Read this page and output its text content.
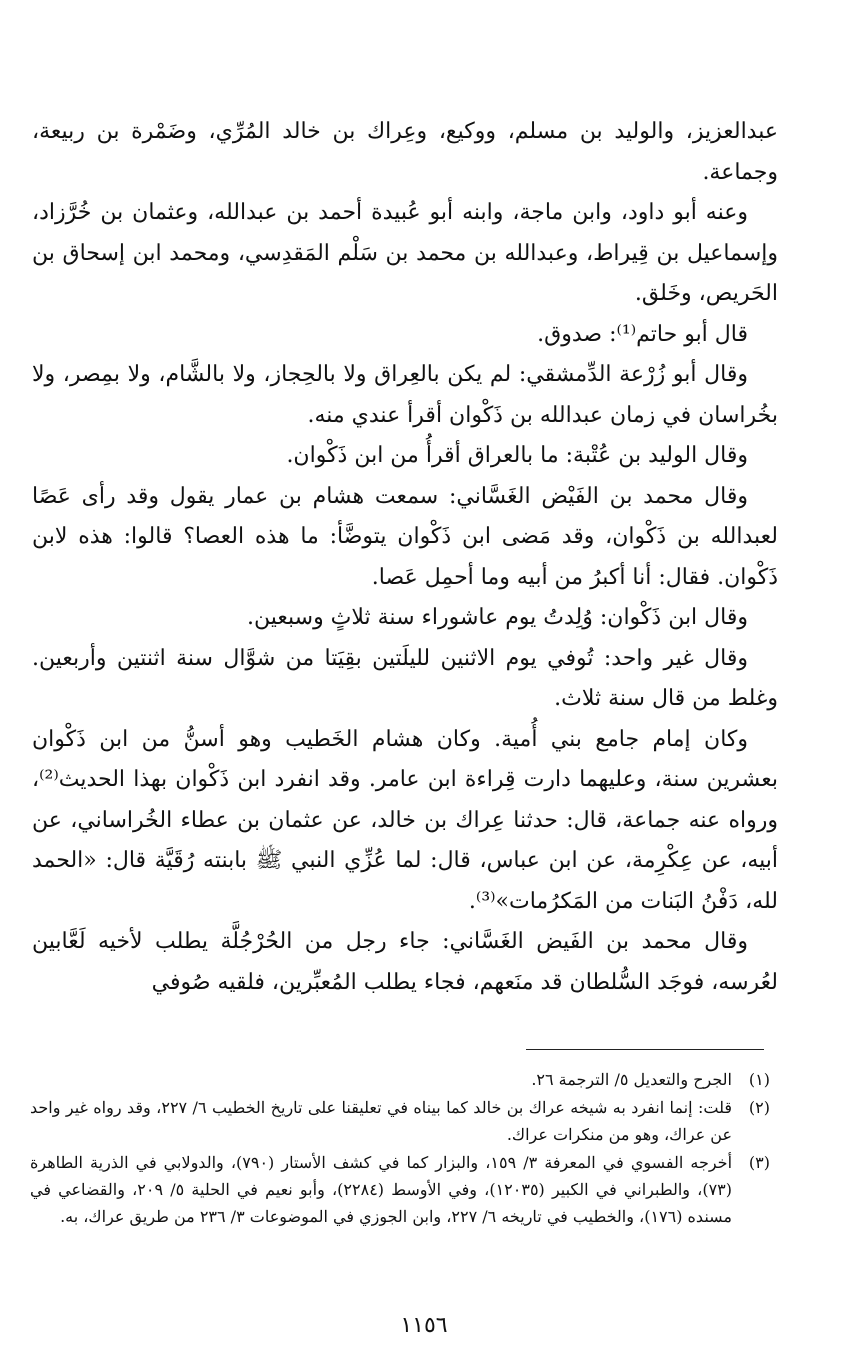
عبدالعزيز، والوليد بن مسلم، ووكيع، وعِراك بن خالد المُرِّي، وضَمْرة بن ربيعة، وجماعة.

وعنه أبو داود، وابن ماجة، وابنه أبو عُبيدة أحمد بن عبدالله، وعثمان بن خُرَّزاد، وإسماعيل بن قِيراط، وعبدالله بن محمد بن سَلْم المَقدِسي، ومحمد ابن إسحاق بن الحَريص، وخَلق.

قال أبو حاتم⁽¹⁾: صدوق.

وقال أبو زُرْعة الدِّمشقي: لم يكن بالعِراق ولا بالحِجاز، ولا بالشَّام، ولا بمِصر، ولا بخُراسان في زمان عبدالله بن ذَكْوان أقرأ عندي منه.

وقال الوليد بن عُتْبة: ما بالعراق أقرأُ من ابن ذَكْوان.

وقال محمد بن الفَيْض الغَسَّاني: سمعت هشام بن عمار يقول وقد رأى عَصًا لعبدالله بن ذَكْوان، وقد مَضى ابن ذَكْوان يتوضَّأ: ما هذه العصا؟ قالوا: هذه لابن ذَكْوان. فقال: أنا أكبرُ من أبيه وما أحمِل عَصا.

وقال ابن ذَكْوان: وُلِدتُ يوم عاشوراء سنة ثلاثٍ وسبعين.

وقال غير واحد: تُوفي يوم الاثنين لليلَتين بقِيَتا من شوَّال سنة اثنتين وأربعين. وغلط من قال سنة ثلاث.

وكان إمام جامع بني أُمية. وكان هشام الخَطيب وهو أسنُّ من ابن ذَكْوان بعشرين سنة، وعليهما دارت قِراءة ابن عامر. وقد انفرد ابن ذَكْوان بهذا الحديث⁽²⁾، ورواه عنه جماعة، قال: حدثنا عِراك بن خالد، عن عثمان بن عطاء الخُراساني، عن أبيه، عن عِكْرِمة، عن ابن عباس، قال: لما عُزِّي النبي ﷺ بابنته رُقَيَّة قال: «الحمد لله، دَفْنُ البَنات من المَكرُمات»⁽³⁾.

وقال محمد بن الفَيض الغَسَّاني: جاء رجل من الحُرْجُلَّة يطلب لأخيه لَعَّابين لعُرسه، فوجَد السُّلطان قد منَعهم، فجاء يطلب المُعبِّرين، فلقيه صُوفي

(١)
الجرح والتعديل ٥/ الترجمة ٢٦.
(٢)
قلت: إنما انفرد به شيخه عراك بن خالد كما بيناه في تعليقنا على تاريخ الخطيب ٦/ ٢٢٧، وقد رواه غير واحد عن عراك، وهو من منكرات عراك.
(٣)
أخرجه الفسوي في المعرفة ٣/ ١٥٩، والبزار كما في كشف الأستار (٧٩٠)، والدولابي في الذرية الطاهرة (٧٣)، والطبراني في الكبير (١٢٠٣٥)، وفي الأوسط (٢٢٨٤)، وأبو نعيم في الحلية ٥/ ٢٠٩، والقضاعي في مسنده (١٧٦)، والخطيب في تاريخه ٦/ ٢٢٧، وابن الجوزي في الموضوعات ٣/ ٢٣٦ من طريق عراك، به.
١١٥٦
